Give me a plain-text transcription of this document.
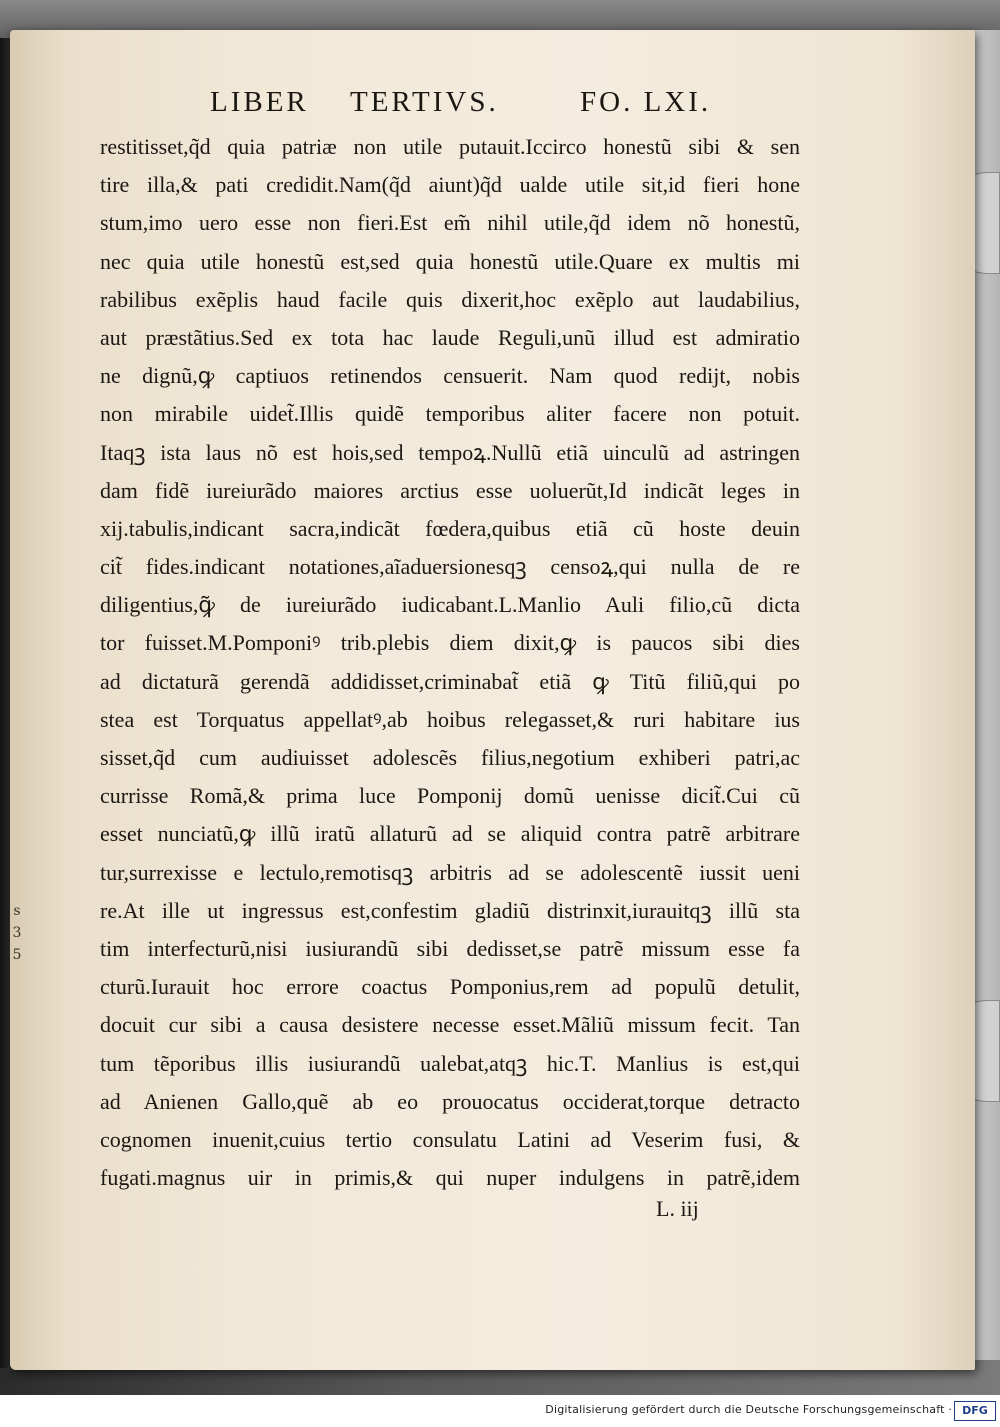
s
3
5
LIBER TERTIVS.	FO. LXI.
restitisset,q̃d quia patriæ non utile putauit.Iccirco honestũ sibi & sen
tire illa,& pati credidit.Nam(q̃d aiunt)q̃d ualde utile sit,id fieri hone
stum,imo uero esse non fieri.Est em̃ nihil utile,q̃d idem nõ honestũ,
nec quia utile honestũ est,sed quia honestũ utile.Quare ex multis mi
rabilibus exẽplis haud facile quis dixerit,hoc exẽplo aut laudabilius,
aut præstãtius.Sed ex tota hac laude Reguli,unũ illud est admiratio
ne dignũ,ꝙ captiuos retinendos censuerit. Nam quod redijt, nobis
non mirabile uidet̃.Illis quidẽ temporibus aliter facere non potuit.
Itaqꝫ ista laus nõ est hois,sed tempoꝝ.Nullũ etiã uinculũ ad astringen
dam fidẽ iureiurãdo maiores arctius esse uoluerũt,Id indicãt leges in
xij.tabulis,indicant sacra,indicãt fœdera,quibus etiã cũ hoste deuin
cit̃ fides.indicant notationes,aĩaduersionesqꝫ censoꝝ,qui nulla de re
diligentius,ꝙ̃ de iureiurãdo iudicabant.L.Manlio Auli filio,cũ dicta
tor fuisset.M.Pomponiꝰ trib.plebis diem dixit,ꝙ is paucos sibi dies
ad dictaturã gerendã addidisset,criminabat̃ etiã ꝙ Titũ filiũ,qui po
stea est Torquatus appellatꝰ,ab hoibus relegasset,& ruri habitare ius
sisset,q̃d cum audiuisset adolescẽs filius,negotium exhiberi patri,ac
currisse Romã,& prima luce Pomponij domũ uenisse dicit̃.Cui cũ
esset nunciatũ,ꝙ illũ iratũ allaturũ ad se aliquid contra patrẽ arbitrare
tur,surrexisse e lectulo,remotisqꝫ arbitris ad se adolescentẽ iussit ueni
re.At ille ut ingressus est,confestim gladiũ distrinxit,iurauitqꝫ illũ sta
tim interfecturũ,nisi iusiurandũ sibi dedisset,se patrẽ missum esse fa
cturũ.Iurauit hoc errore coactus Pomponius,rem ad populũ detulit,
docuit cur sibi a causa desistere necesse esset.Mãliũ missum fecit. Tan
tum tẽporibus illis iusiurandũ ualebat,atqꝫ hic.T. Manlius is est,qui
ad Anienen Gallo,quẽ ab eo prouocatus occiderat,torque detracto
cognomen inuenit,cuius tertio consulatu Latini ad Veserim fusi, &
fugati.magnus uir in primis,& qui nuper indulgens in patrẽ,idem
L. iij
Digitalisierung gefördert durch die Deutsche Forschungsgemeinschaft · DFG
